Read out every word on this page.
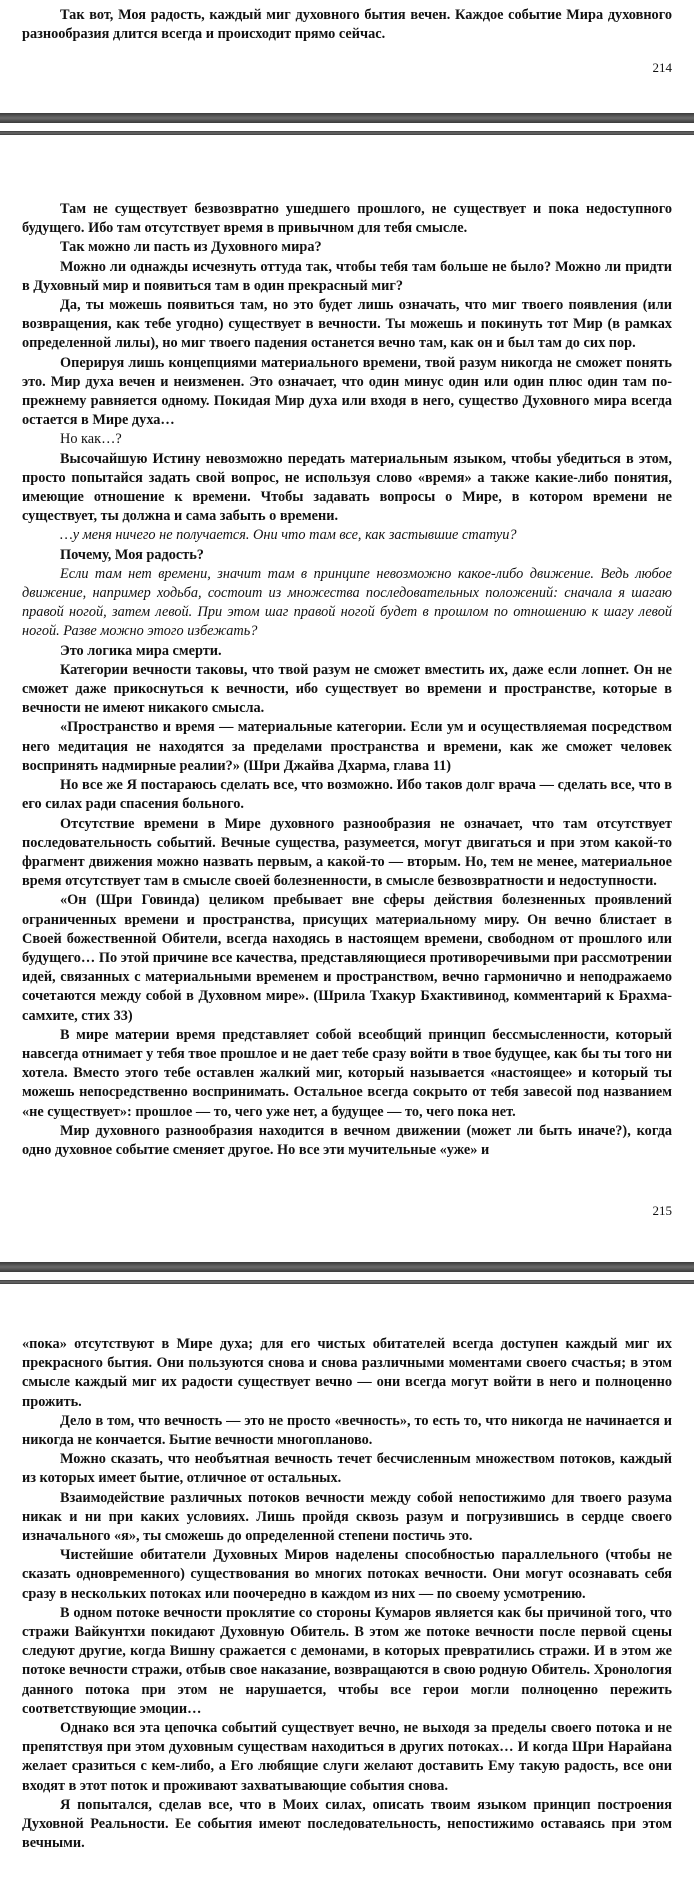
Так вот, Моя радость, каждый миг духовного бытия вечен. Каждое событие Мира духовного разнообразия длится всегда и происходит прямо сейчас.

214

Там не существует безвозвратно ушедшего прошлого, не существует и пока недоступного будущего. Ибо там отсутствует время в привычном для тебя смысле.

Так можно ли пасть из Духовного мира?

Можно ли однажды исчезнуть оттуда так, чтобы тебя там больше не было? Можно ли придти в Духовный мир и появиться там в один прекрасный миг?

Да, ты можешь появиться там, но это будет лишь означать, что миг твоего появления (или возвращения, как тебе угодно) существует в вечности. Ты можешь и покинуть тот Мир (в рамках определенной лилы), но миг твоего падения останется вечно там, как он и был там до сих пор.

Оперируя лишь концепциями материального времени, твой разум никогда не сможет понять это. Мир духа вечен и неизменен. Это означает, что один минус один или один плюс один там по-прежнему равняется одному. Покидая Мир духа или входя в него, существо Духовного мира всегда остается в Мире духа…

Но как…?

Высочайшую Истину невозможно передать материальным языком, чтобы убедиться в этом, просто попытайся задать свой вопрос, не используя слово «время» а также какие-либо понятия, имеющие отношение к времени. Чтобы задавать вопросы о Мире, в котором времени не существует, ты должна и сама забыть о времени.

…у меня ничего не получается. Они что там все, как застывшие статуи?

Почему, Моя радость?

Если там нет времени, значит там в принципе невозможно какое-либо движение. Ведь любое движение, например ходьба, состоит из множества последовательных положений: сначала я шагаю правой ногой, затем левой. При этом шаг правой ногой будет в прошлом по отношению к шагу левой ногой. Разве можно этого избежать?

Это логика мира смерти.

Категории вечности таковы, что твой разум не сможет вместить их, даже если лопнет. Он не сможет даже прикоснуться к вечности, ибо существует во времени и пространстве, которые в вечности не имеют никакого смысла.

«Пространство и время — материальные категории. Если ум и осуществляемая посредством него медитация не находятся за пределами пространства и времени, как же сможет человек воспринять надмирные реалии?» (Шри Джайва Дхарма, глава 11)

Но все же Я постараюсь сделать все, что возможно. Ибо таков долг врача — сделать все, что в его силах ради спасения больного.

Отсутствие времени в Мире духовного разнообразия не означает, что там отсутствует последовательность событий. Вечные существа, разумеется, могут двигаться и при этом какой-то фрагмент движения можно назвать первым, а какой-то — вторым. Но, тем не менее, материальное время отсутствует там в смысле своей болезненности, в смысле безвозвратности и недоступности.

«Он (Шри Говинда) целиком пребывает вне сферы действия болезненных проявлений ограниченных времени и пространства, присущих материальному миру. Он вечно блистает в Своей божественной Обители, всегда находясь в настоящем времени, свободном от прошлого или будущего… По этой причине все качества, представляющиеся противоречивыми при рассмотрении идей, связанных с материальными временем и пространством, вечно гармонично и неподражаемо сочетаются между собой в Духовном мире». (Шрила Тхакур Бхактивинод, комментарий к Брахма-самхите, стих 33)

В мире материи время представляет собой всеобщий принцип бессмысленности, который навсегда отнимает у тебя твое прошлое и не дает тебе сразу войти в твое будущее, как бы ты того ни хотела. Вместо этого тебе оставлен жалкий миг, который называется «настоящее» и который ты можешь непосредственно воспринимать. Остальное всегда сокрыто от тебя завесой под названием «не существует»: прошлое — то, чего уже нет, а будущее — то, чего пока нет.

Мир духовного разнообразия находится в вечном движении (может ли быть иначе?), когда одно духовное событие сменяет другое. Но все эти мучительные «уже» и

215

«пока» отсутствуют в Мире духа; для его чистых обитателей всегда доступен каждый миг их прекрасного бытия. Они пользуются снова и снова различными моментами своего счастья; в этом смысле каждый миг их радости существует вечно — они всегда могут войти в него и полноценно прожить.

Дело в том, что вечность — это не просто «вечность», то есть то, что никогда не начинается и никогда не кончается. Бытие вечности многопланово.

Можно сказать, что необъятная вечность течет бесчисленным множеством потоков, каждый из которых имеет бытие, отличное от остальных.

Взаимодействие различных потоков вечности между собой непостижимо для твоего разума никак и ни при каких условиях. Лишь пройдя сквозь разум и погрузившись в сердце своего изначального «я», ты сможешь до определенной степени постичь это.

Чистейшие обитатели Духовных Миров наделены способностью параллельного (чтобы не сказать одновременного) существования во многих потоках вечности. Они могут осознавать себя сразу в нескольких потоках или поочередно в каждом из них — по своему усмотрению.

В одном потоке вечности проклятие со стороны Кумаров является как бы причиной того, что стражи Вайкунтхи покидают Духовную Обитель. В этом же потоке вечности после первой сцены следуют другие, когда Вишну сражается с демонами, в которых превратились стражи. И в этом же потоке вечности стражи, отбыв свое наказание, возвращаются в свою родную Обитель. Хронология данного потока при этом не нарушается, чтобы все герои могли полноценно пережить соответствующие эмоции…

Однако вся эта цепочка событий существует вечно, не выходя за пределы своего потока и не препятствуя при этом духовным существам находиться в других потоках… И когда Шри Нарайана желает сразиться с кем-либо, а Его любящие слуги желают доставить Ему такую радость, все они входят в этот поток и проживают захватывающие события снова.

Я попытался, сделав все, что в Моих силах, описать твоим языком принцип построения Духовной Реальности. Ее события имеют последовательность, непостижимо оставаясь при этом вечными.
